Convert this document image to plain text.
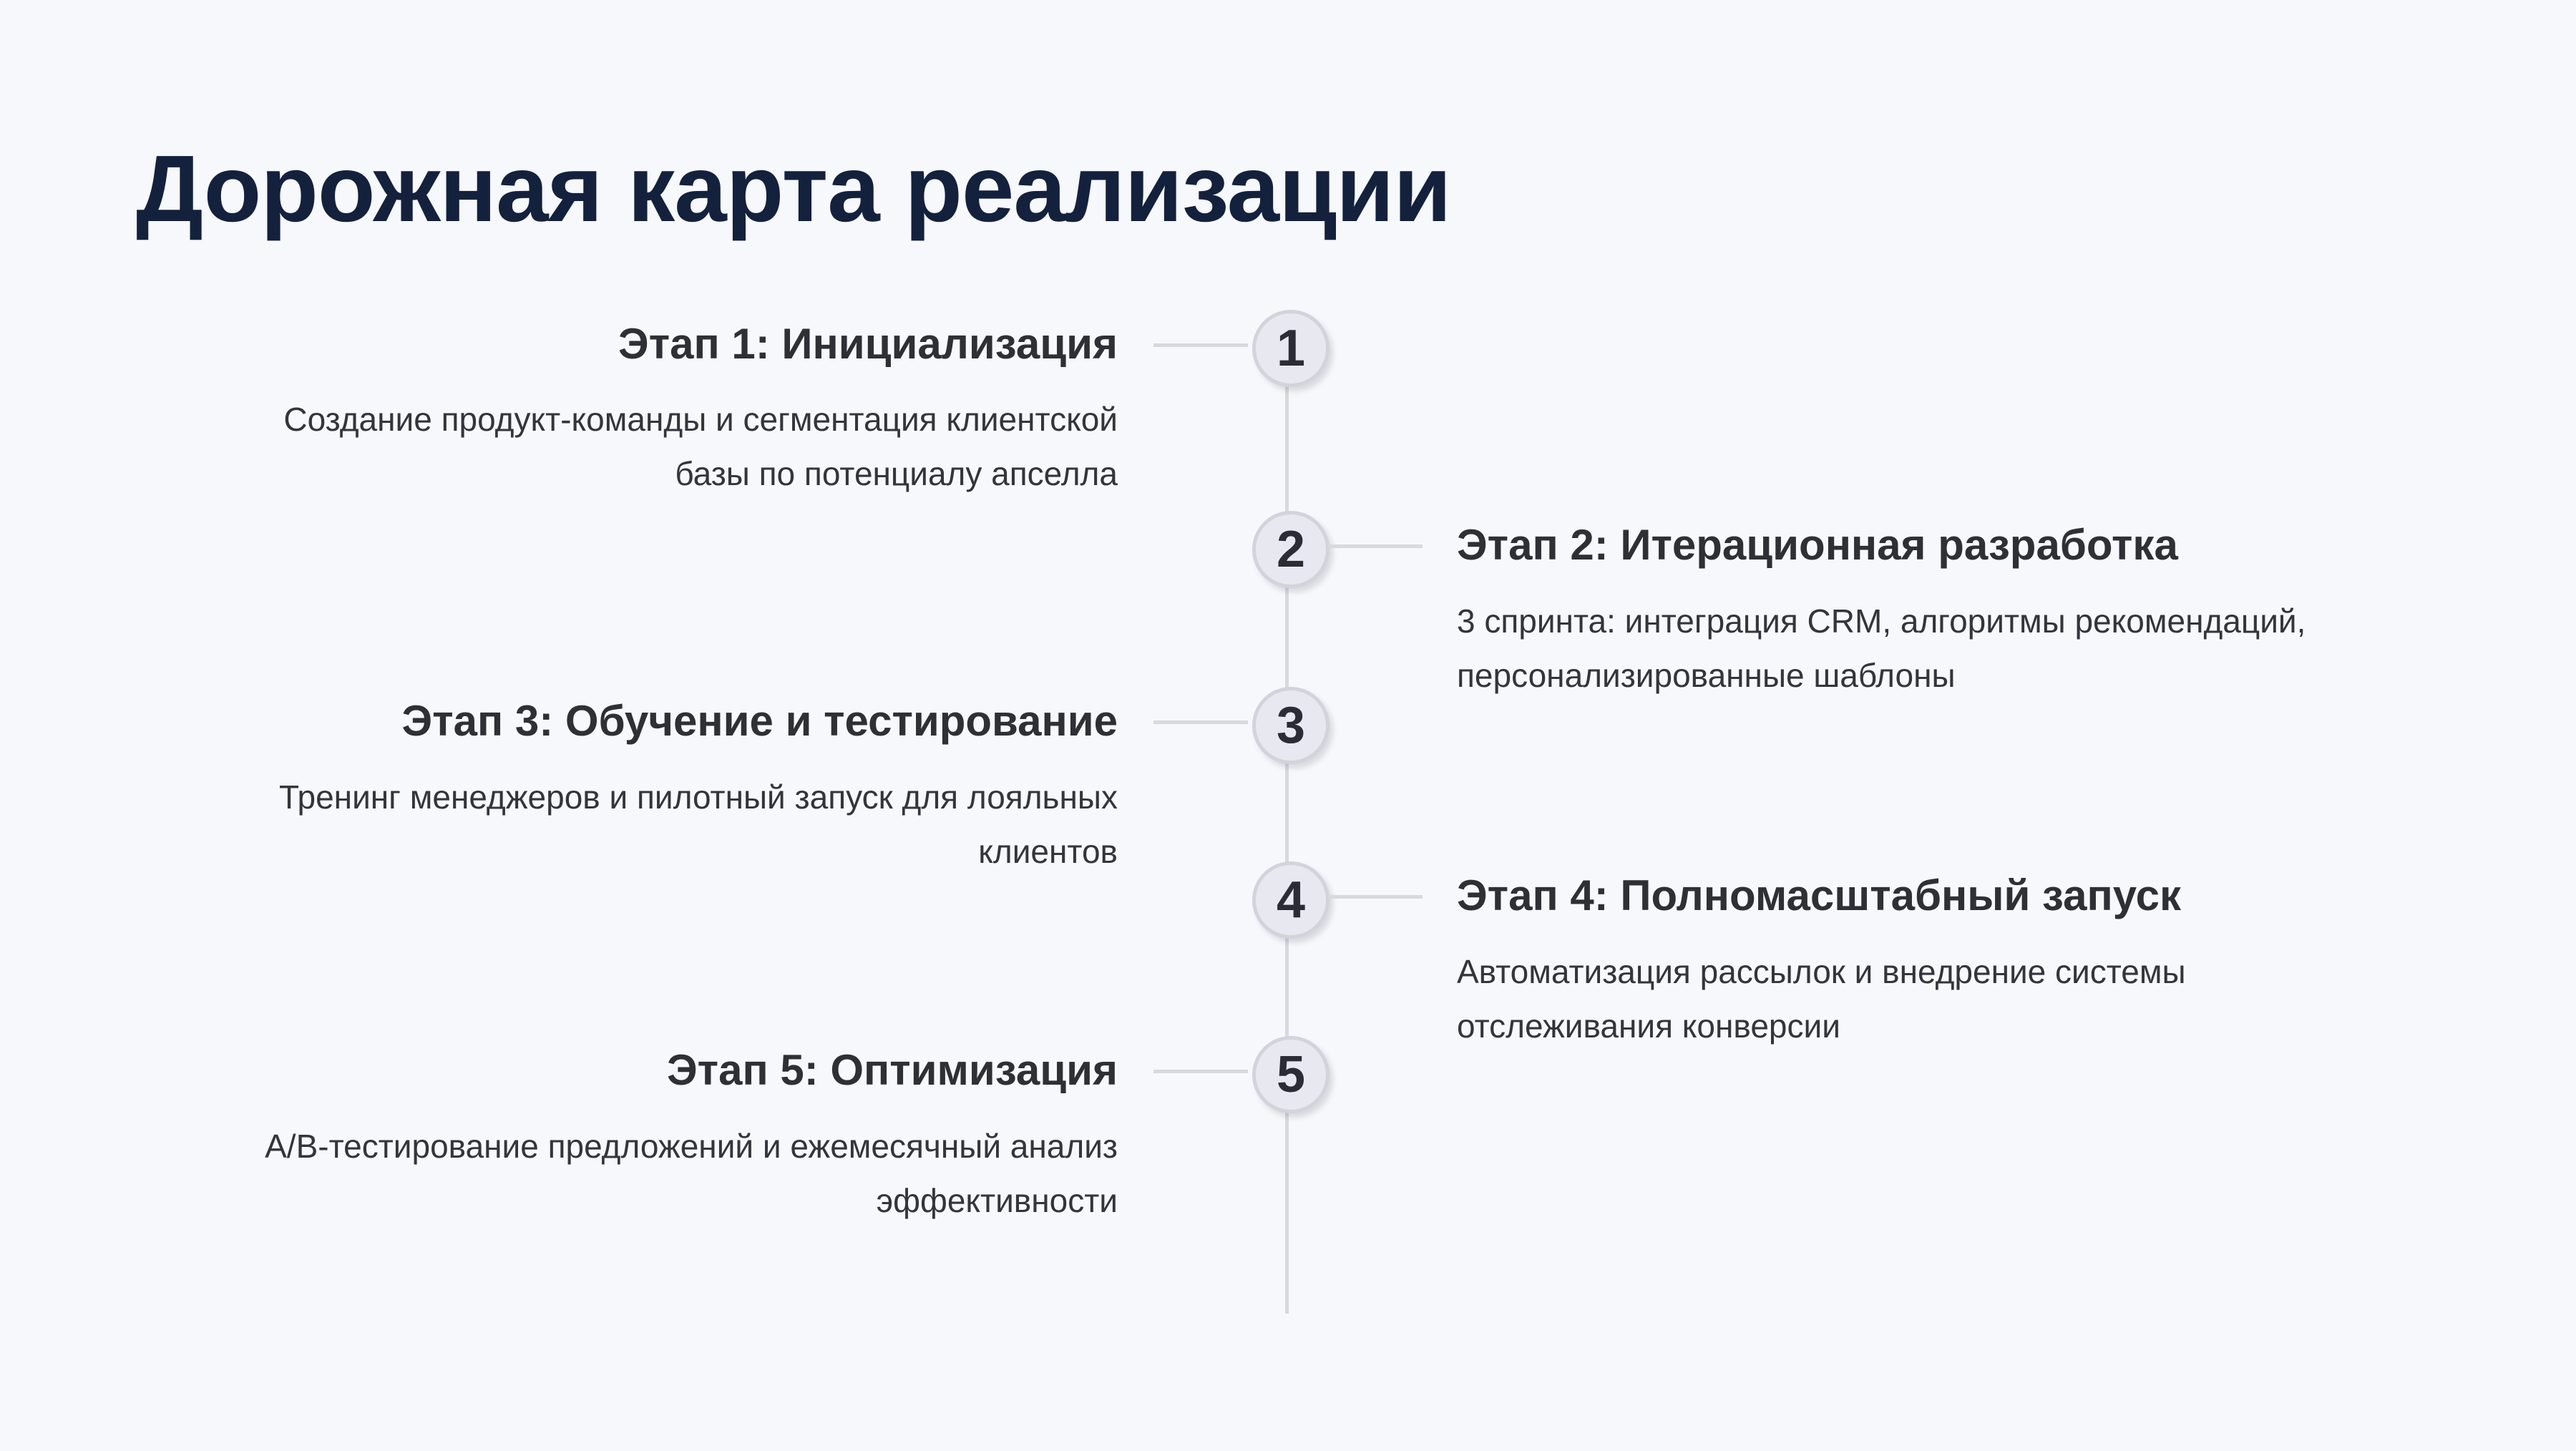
Дорожная карта реализации
1
Этап 1: Инициализация
Создание продукт-команды и сегментация клиентской
базы по потенциалу апселла
2	Этап 2: Итерационная разработка
3 спринта: интеграция CRM, алгоритмы рекомендаций,
персонализированные шаблоны
3
Этап 3: Обучение и тестирование
Тренинг менеджеров и пилотный запуск для лояльных
клиентов
4	Этап 4: Полномасштабный запуск
Автоматизация рассылок и внедрение системы
отслеживания конверсии
5
Этап 5: Оптимизация
A/B-тестирование предложений и ежемесячный анализ
эффективности
